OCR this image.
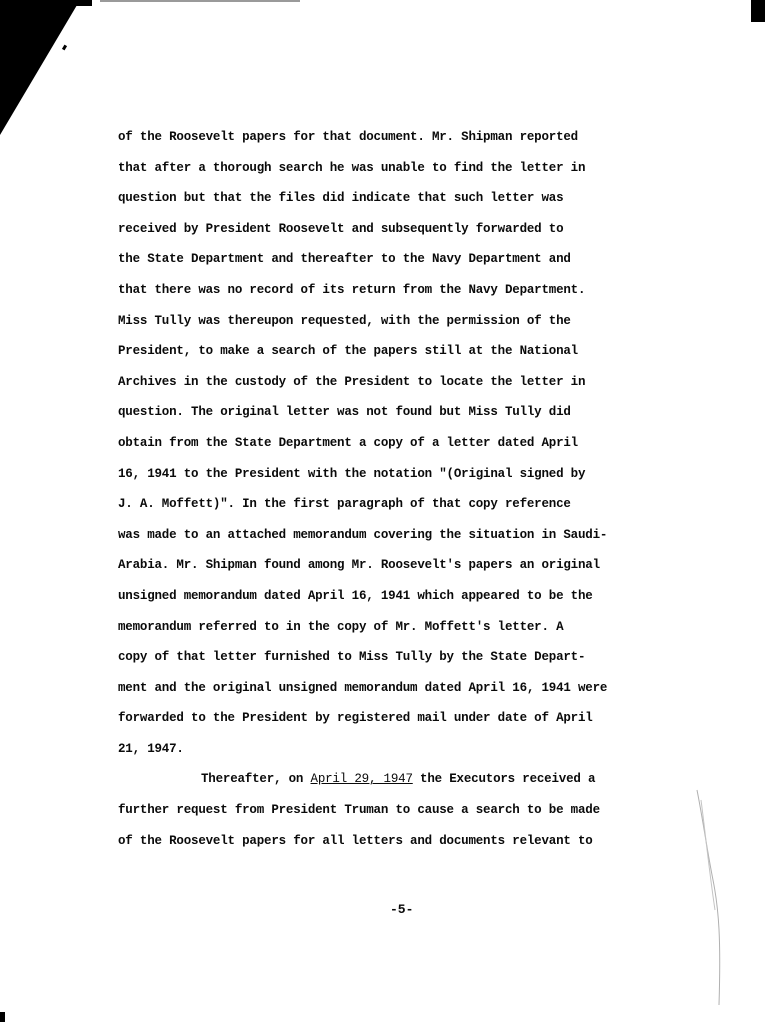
of the Roosevelt papers for that document. Mr. Shipman reported
that after a thorough search he was unable to find the letter in
question but that the files did indicate that such letter was
received by President Roosevelt and subsequently forwarded to
the State Department and thereafter to the Navy Department and
that there was no record of its return from the Navy Department.
Miss Tully was thereupon requested, with the permission of the
President, to make a search of the papers still at the National
Archives in the custody of the President to locate the letter in
question. The original letter was not found but Miss Tully did
obtain from the State Department a copy of a letter dated April
16, 1941 to the President with the notation "(Original signed by
J. A. Moffett)". In the first paragraph of that copy reference
was made to an attached memorandum covering the situation in Saudi-
Arabia. Mr. Shipman found among Mr. Roosevelt's papers an original
unsigned memorandum dated April 16, 1941 which appeared to be the
memorandum referred to in the copy of Mr. Moffett's letter. A
copy of that letter furnished to Miss Tully by the State Depart-
ment and the original unsigned memorandum dated April 16, 1941 were
forwarded to the President by registered mail under date of April
21, 1947.
Thereafter, on April 29, 1947 the Executors received a
further request from President Truman to cause a search to be made
of the Roosevelt papers for all letters and documents relevant to
-5-
